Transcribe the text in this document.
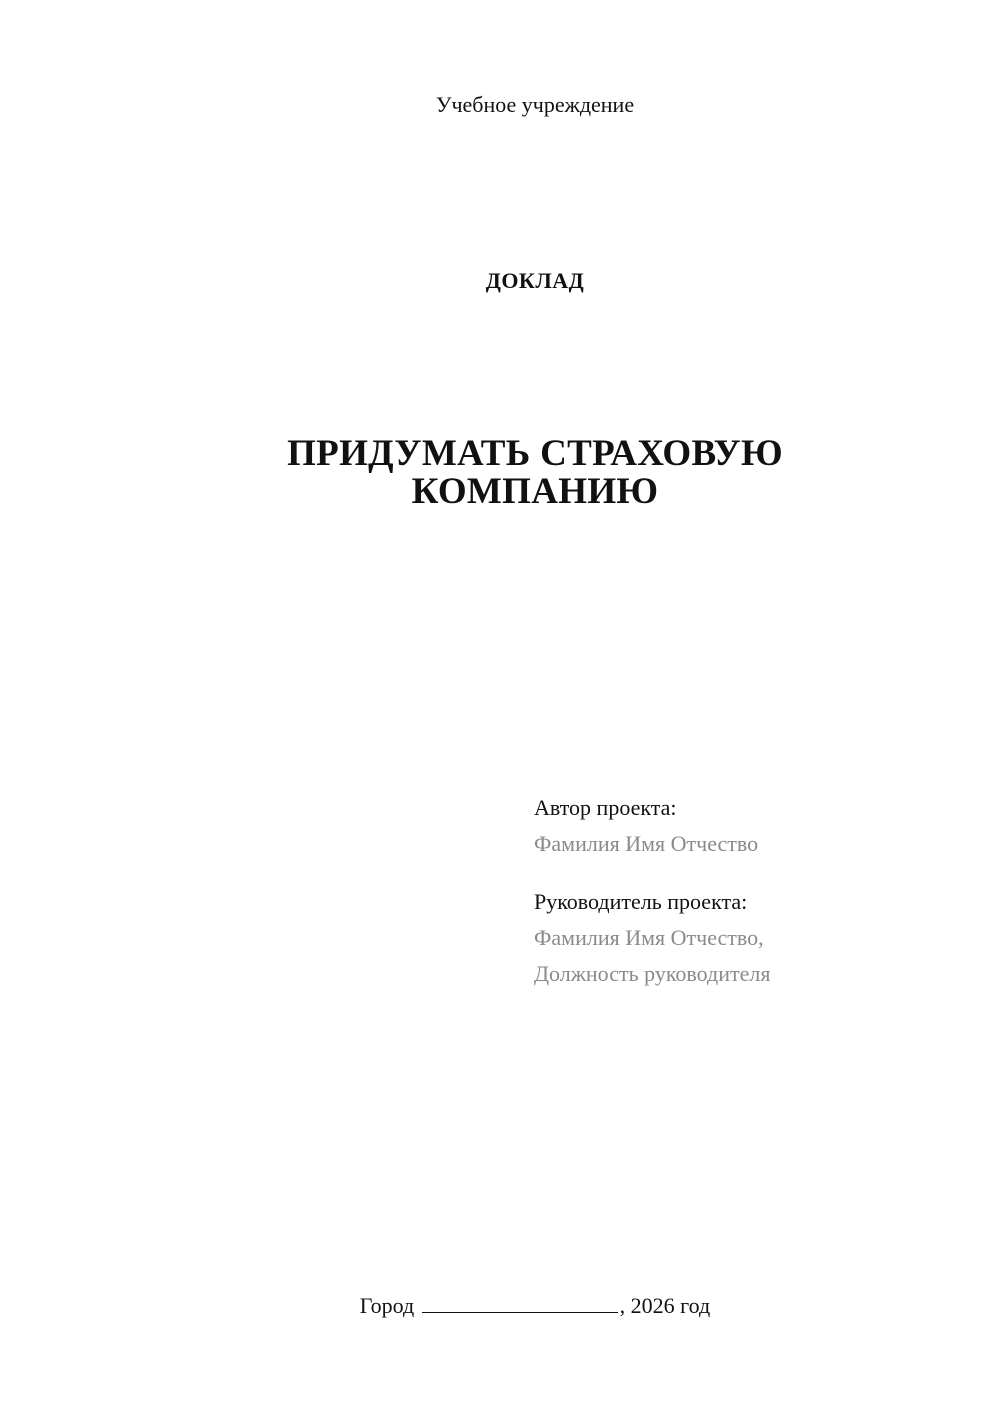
Учебное учреждение
ДОКЛАД
ПРИДУМАТЬ СТРАХОВУЮ
КОМПАНИЮ
Автор проекта:
Фамилия Имя Отчество
Руководитель проекта:
Фамилия Имя Отчество,
Должность руководителя
Город	, 2026 год
